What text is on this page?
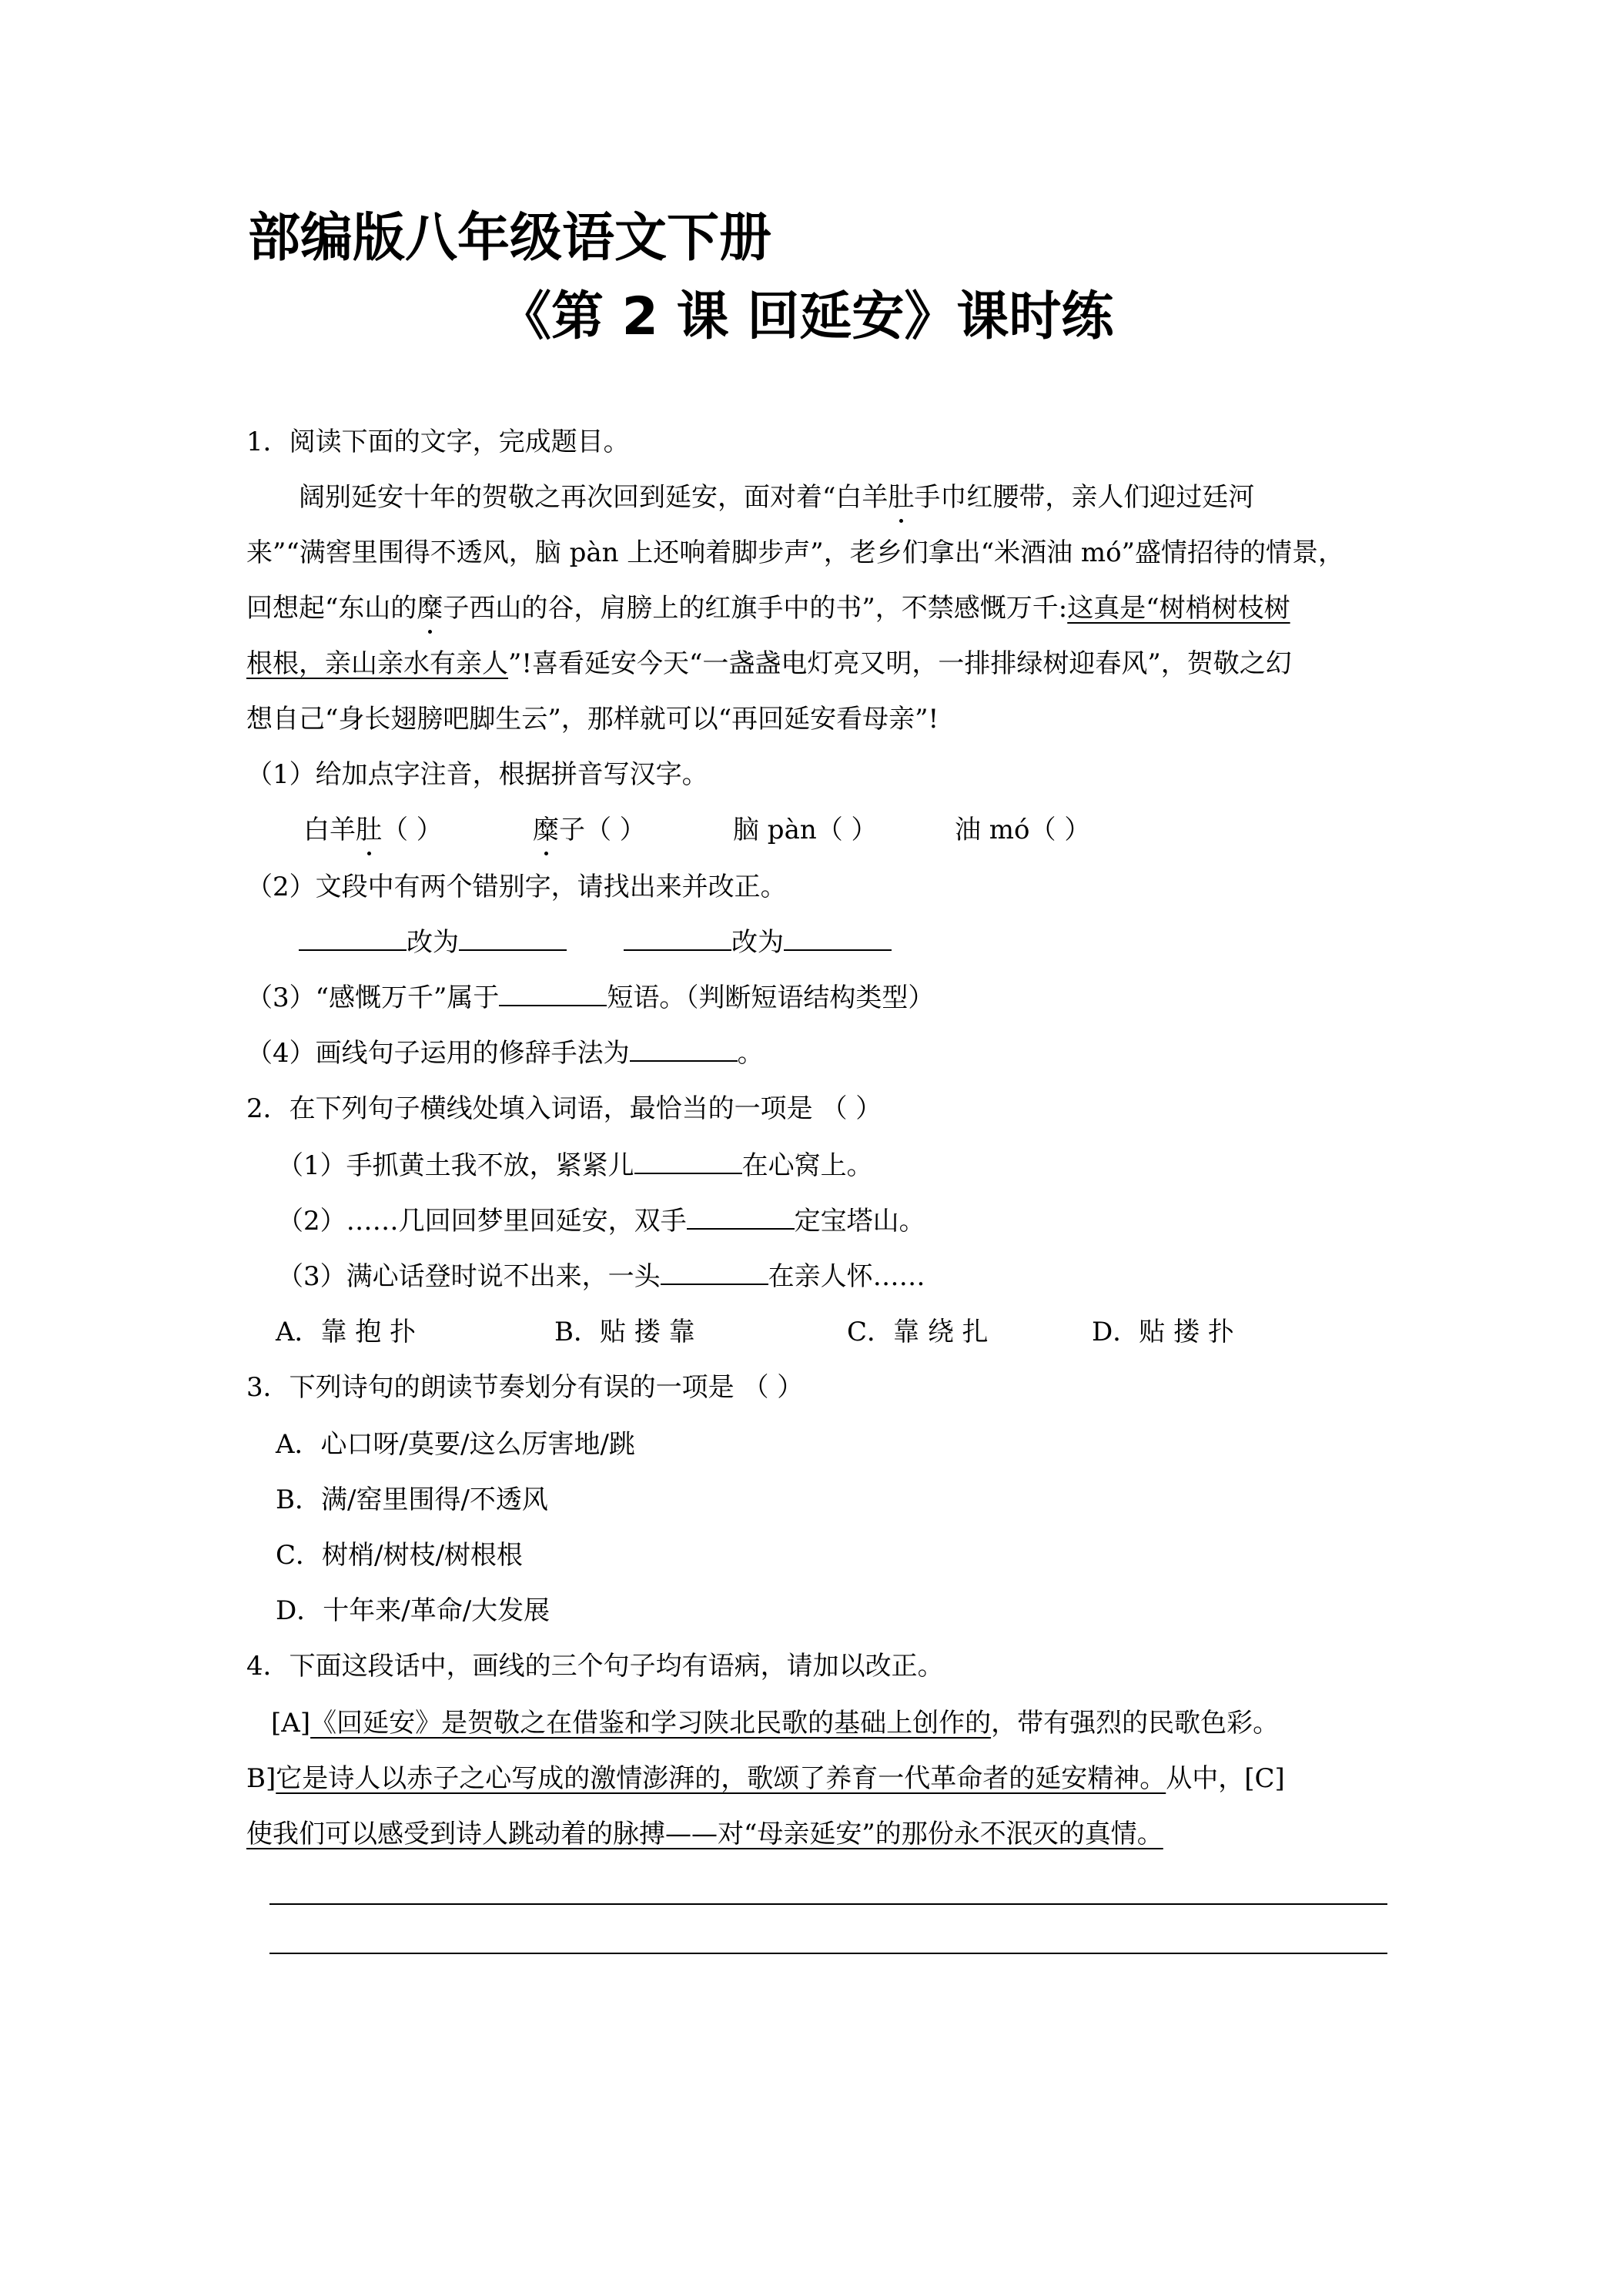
部编版八年级语文下册
《第 2 课 回延安》课时练
1．阅读下面的文字，完成题目。
阔别延安十年的贺敬之再次回到延安，面对着“白羊肚手巾红腰带，亲人们迎过廷河
来”“满窖里围得不透风，脑 pàn 上还响着脚步声”，老乡们拿出“米酒油 mó”盛情招待的情景，
回想起“东山的糜子西山的谷，肩膀上的红旗手中的书”，不禁感慨万千:这真是“树梢树枝树
根根，亲山亲水有亲人”!喜看延安今天“一盏盏电灯亮又明，一排排绿树迎春风”，贺敬之幻
想自己“身长翅膀吧脚生云”，那样就可以“再回延安看母亲”!
（1）给加点字注音，根据拼音写汉字。
白羊肚（ ）	糜子（ ）	脑 pàn（ ）	油 mó（ ）
（2）文段中有两个错别字，请找出来并改正。
改为	改为
（3）“感慨万千”属于	短语。（判断短语结构类型）
（4）画线句子运用的修辞手法为	。
2．在下列句子横线处填入词语，最恰当的一项是 （ ）
（1）手抓黄土我不放，紧紧儿	在心窝上。
（2）……几回回梦里回延安，双手	定宝塔山。
（3）满心话登时说不出来，一头	在亲人怀……
A．靠 抱 扑	B．贴 搂 靠	C．靠 绕 扎	D．贴 搂 扑
3．下列诗句的朗读节奏划分有误的一项是 （ ）
A．心口呀/莫要/这么厉害地/跳
B．满/窑里围得/不透风
C．树梢/树枝/树根根
D．十年来/革命/大发展
4．下面这段话中，画线的三个句子均有语病，请加以改正。
[A]《回延安》是贺敬之在借鉴和学习陕北民歌的基础上创作的，带有强烈的民歌色彩。
B]它是诗人以赤子之心写成的激情澎湃的，歌颂了养育一代革命者的延安精神。从中，[C]
使我们可以感受到诗人跳动着的脉搏——对“母亲延安”的那份永不泯灭的真情。
